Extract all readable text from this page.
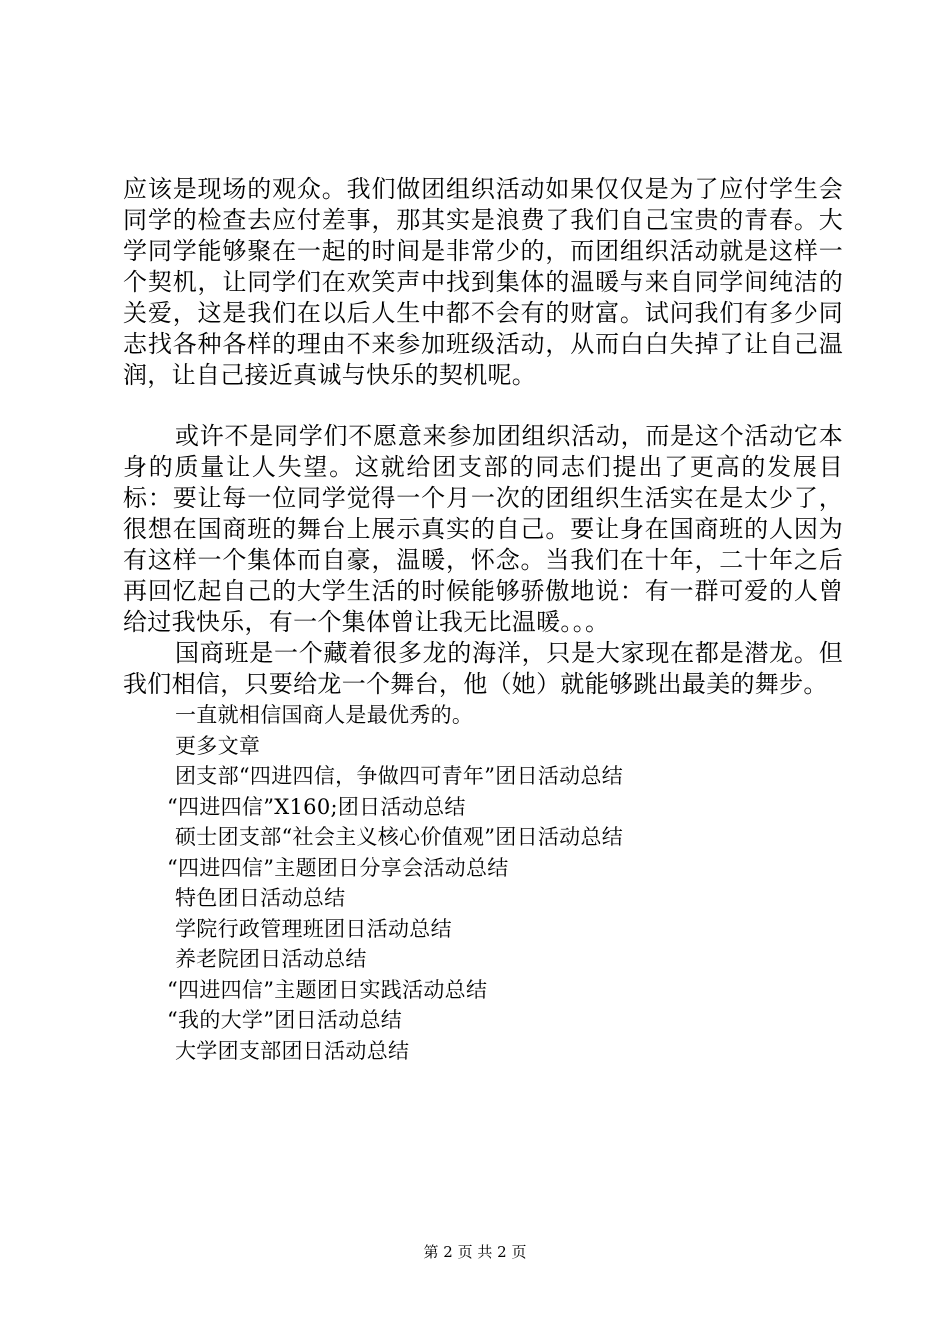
应该是现场的观众。我们做团组织活动如果仅仅是为了应付学生会同学的检查去应付差事，那其实是浪费了我们自己宝贵的青春。大学同学能够聚在一起的时间是非常少的，而团组织活动就是这样一个契机，让同学们在欢笑声中找到集体的温暖与来自同学间纯洁的关爱，这是我们在以后人生中都不会有的财富。试问我们有多少同志找各种各样的理由不来参加班级活动，从而白白失掉了让自己温润，让自己接近真诚与快乐的契机呢。

或许不是同学们不愿意来参加团组织活动，而是这个活动它本身的质量让人失望。这就给团支部的同志们提出了更高的发展目标：要让每一位同学觉得一个月一次的团组织生活实在是太少了，很想在国商班的舞台上展示真实的自己。要让身在国商班的人因为有这样一个集体而自豪，温暖，怀念。当我们在十年，二十年之后再回忆起自己的大学生活的时候能够骄傲地说：有一群可爱的人曾给过我快乐，有一个集体曾让我无比温暖。。。

国商班是一个藏着很多龙的海洋，只是大家现在都是潜龙。但我们相信，只要给龙一个舞台，他（她）就能够跳出最美的舞步。

一直就相信国商人是最优秀的。

更多文章

团支部“四进四信，争做四可青年”团日活动总结

“四进四信”X160;团日活动总结

硕士团支部“社会主义核心价值观”团日活动总结

“四进四信”主题团日分享会活动总结

特色团日活动总结

学院行政管理班团日活动总结

养老院团日活动总结

“四进四信”主题团日实践活动总结

“我的大学”团日活动总结

大学团支部团日活动总结

第 2 页 共 2 页
